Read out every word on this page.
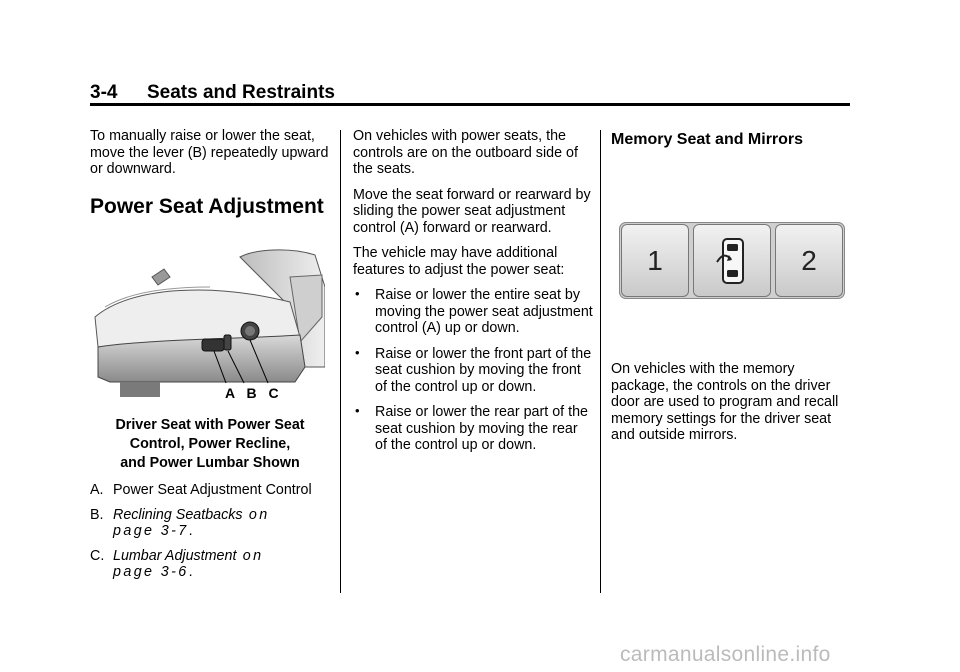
3-4 Seats and Restraints

To manually raise or lower the seat, move the lever (B) repeatedly upward or downward.

Power Seat Adjustment

A B C
Driver Seat with Power Seat
Control, Power Recline,
and Power Lumbar Shown
A. Power Seat Adjustment Control
B. Reclining Seatbacks on
page 3‑7.
C. Lumbar Adjustment on
page 3‑6.

On vehicles with power seats, the controls are on the outboard side of the seats.

Move the seat forward or rearward by sliding the power seat adjustment control (A) forward or rearward.

The vehicle may have additional features to adjust the power seat:

• Raise or lower the entire seat by moving the power seat adjustment control (A) up or down.
• Raise or lower the front part of the seat cushion by moving the front of the control up or down.
• Raise or lower the rear part of the seat cushion by moving the rear of the control up or down.

Memory Seat and Mirrors

1	2

On vehicles with the memory package, the controls on the driver door are used to program and recall memory settings for the driver seat and outside mirrors.

carmanualsonline.info
